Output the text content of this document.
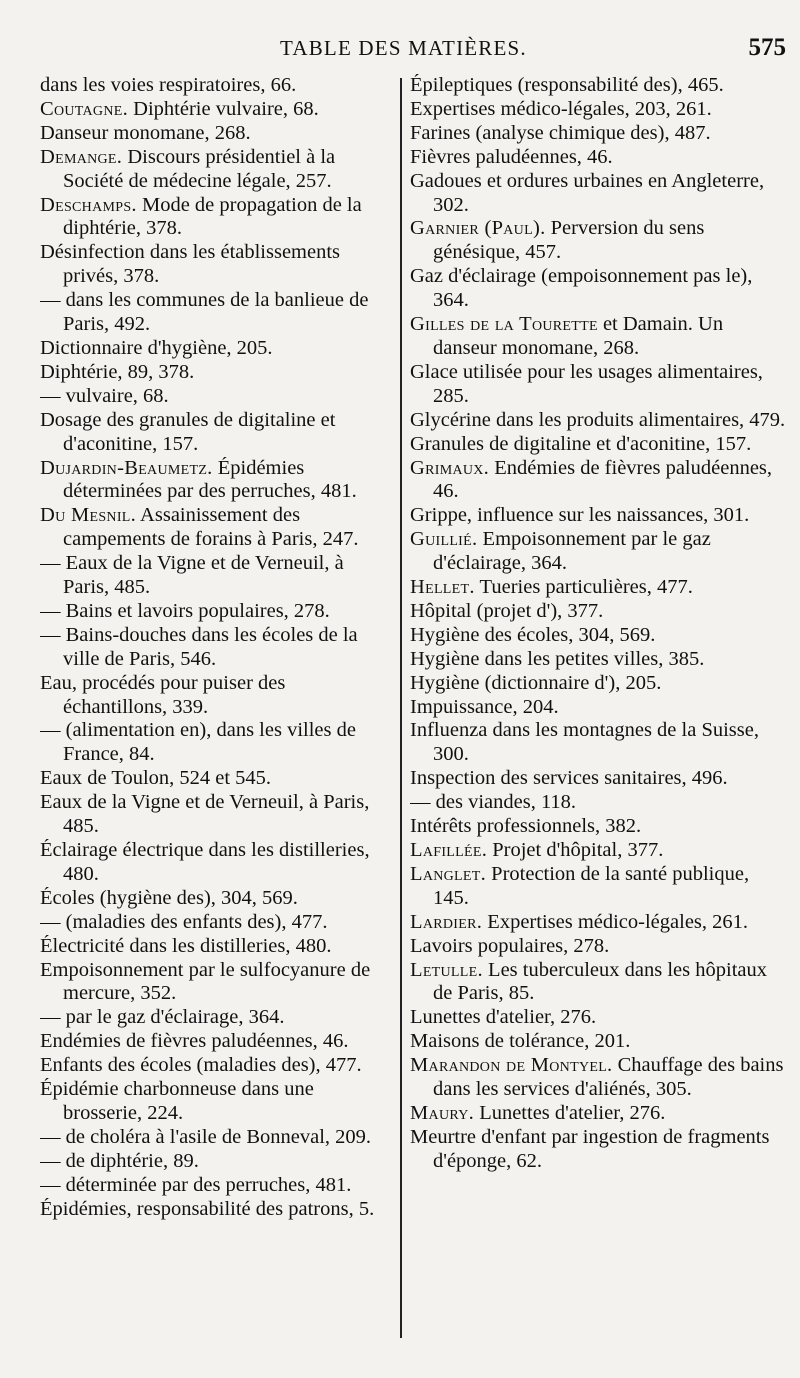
TABLE DES MATIÈRES.	575
dans les voies respiratoires, 66.
Coutagne. Diphtérie vulvaire, 68.
Danseur monomane, 268.
Demange. Discours présidentiel à la Société de médecine légale, 257.
Deschamps. Mode de propagation de la diphtérie, 378.
Désinfection dans les établissements privés, 378.
— dans les communes de la banlieue de Paris, 492.
Dictionnaire d'hygiène, 205.
Diphtérie, 89, 378.
— vulvaire, 68.
Dosage des granules de digitaline et d'aconitine, 157.
Dujardin-Beaumetz. Épidémies déterminées par des perruches, 481.
Du Mesnil. Assainissement des campements de forains à Paris, 247.
— Eaux de la Vigne et de Verneuil, à Paris, 485.
— Bains et lavoirs populaires, 278.
— Bains-douches dans les écoles de la ville de Paris, 546.
Eau, procédés pour puiser des échantillons, 339.
— (alimentation en), dans les villes de France, 84.
Eaux de Toulon, 524 et 545.
Eaux de la Vigne et de Verneuil, à Paris, 485.
Éclairage électrique dans les distilleries, 480.
Écoles (hygiène des), 304, 569.
— (maladies des enfants des), 477.
Électricité dans les distilleries, 480.
Empoisonnement par le sulfocyanure de mercure, 352.
— par le gaz d'éclairage, 364.
Endémies de fièvres paludéennes, 46.
Enfants des écoles (maladies des), 477.
Épidémie charbonneuse dans une brosserie, 224.
— de choléra à l'asile de Bonneval, 209.
— de diphtérie, 89.
— déterminée par des perruches, 481.
Épidémies, responsabilité des patrons, 5.
Épileptiques (responsabilité des), 465.
Expertises médico-légales, 203, 261.
Farines (analyse chimique des), 487.
Fièvres paludéennes, 46.
Gadoues et ordures urbaines en Angleterre, 302.
Garnier (Paul). Perversion du sens génésique, 457.
Gaz d'éclairage (empoisonnement pas le), 364.
Gilles de la Tourette et Damain. Un danseur monomane, 268.
Glace utilisée pour les usages alimentaires, 285.
Glycérine dans les produits alimentaires, 479.
Granules de digitaline et d'aconitine, 157.
Grimaux. Endémies de fièvres paludéennes, 46.
Grippe, influence sur les naissances, 301.
Guillié. Empoisonnement par le gaz d'éclairage, 364.
Hellet. Tueries particulières, 477.
Hôpital (projet d'), 377.
Hygiène des écoles, 304, 569.
Hygiène dans les petites villes, 385.
Hygiène (dictionnaire d'), 205.
Impuissance, 204.
Influenza dans les montagnes de la Suisse, 300.
Inspection des services sanitaires, 496.
— des viandes, 118.
Intérêts professionnels, 382.
Lafillée. Projet d'hôpital, 377.
Langlet. Protection de la santé publique, 145.
Lardier. Expertises médico-légales, 261.
Lavoirs populaires, 278.
Letulle. Les tuberculeux dans les hôpitaux de Paris, 85.
Lunettes d'atelier, 276.
Maisons de tolérance, 201.
Marandon de Montyel. Chauffage des bains dans les services d'aliénés, 305.
Maury. Lunettes d'atelier, 276.
Meurtre d'enfant par ingestion de fragments d'éponge, 62.
